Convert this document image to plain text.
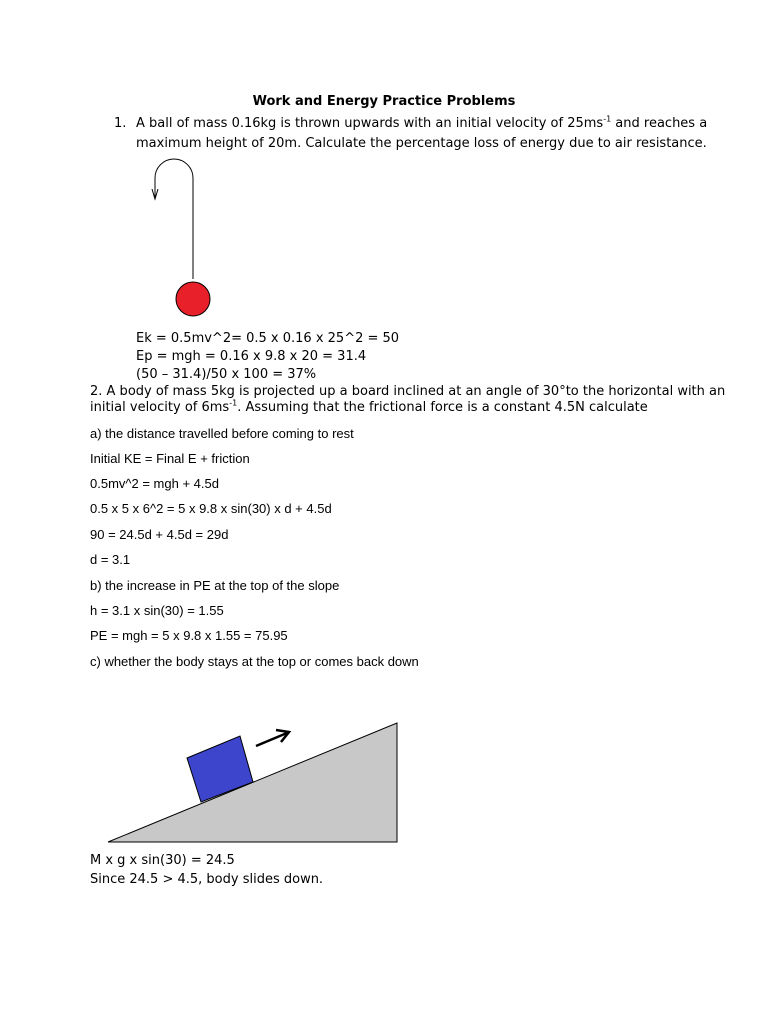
Work and Energy Practice Problems
1. A ball of mass 0.16kg is thrown upwards with an initial velocity of $25ms^{-1}$ and reaches a
maximum height of 20m. Calculate the percentage loss of energy due to air resistance.
Ek = 0.5mv^2= 0.5 x 0.16 x 25^2 = 50
Ep = mgh = 0.16 x 9.8 x 20 = 31.4
(50 – 31.4)/50 x 100 = 37%
2. A body of mass 5kg is projected up a board inclined at an angle of 30°to the horizontal with an
initial velocity of $6ms^{-1}$. Assuming that the frictional force is a constant 4.5N calculate
a) the distance travelled before coming to rest
Initial KE = Final E + friction
0.5mv^2 = mgh + 4.5d
0.5 x 5 x 6^2 = 5 x 9.8 x sin(30) x d + 4.5d
90 = 24.5d + 4.5d = 29d
d = 3.1
b) the increase in PE at the top of the slope
h = 3.1 x sin(30) = 1.55
PE = mgh = 5 x 9.8 x 1.55 = 75.95
c) whether the body stays at the top or comes back down
M x g x sin(30) = 24.5
Since 24.5 > 4.5, body slides down.
